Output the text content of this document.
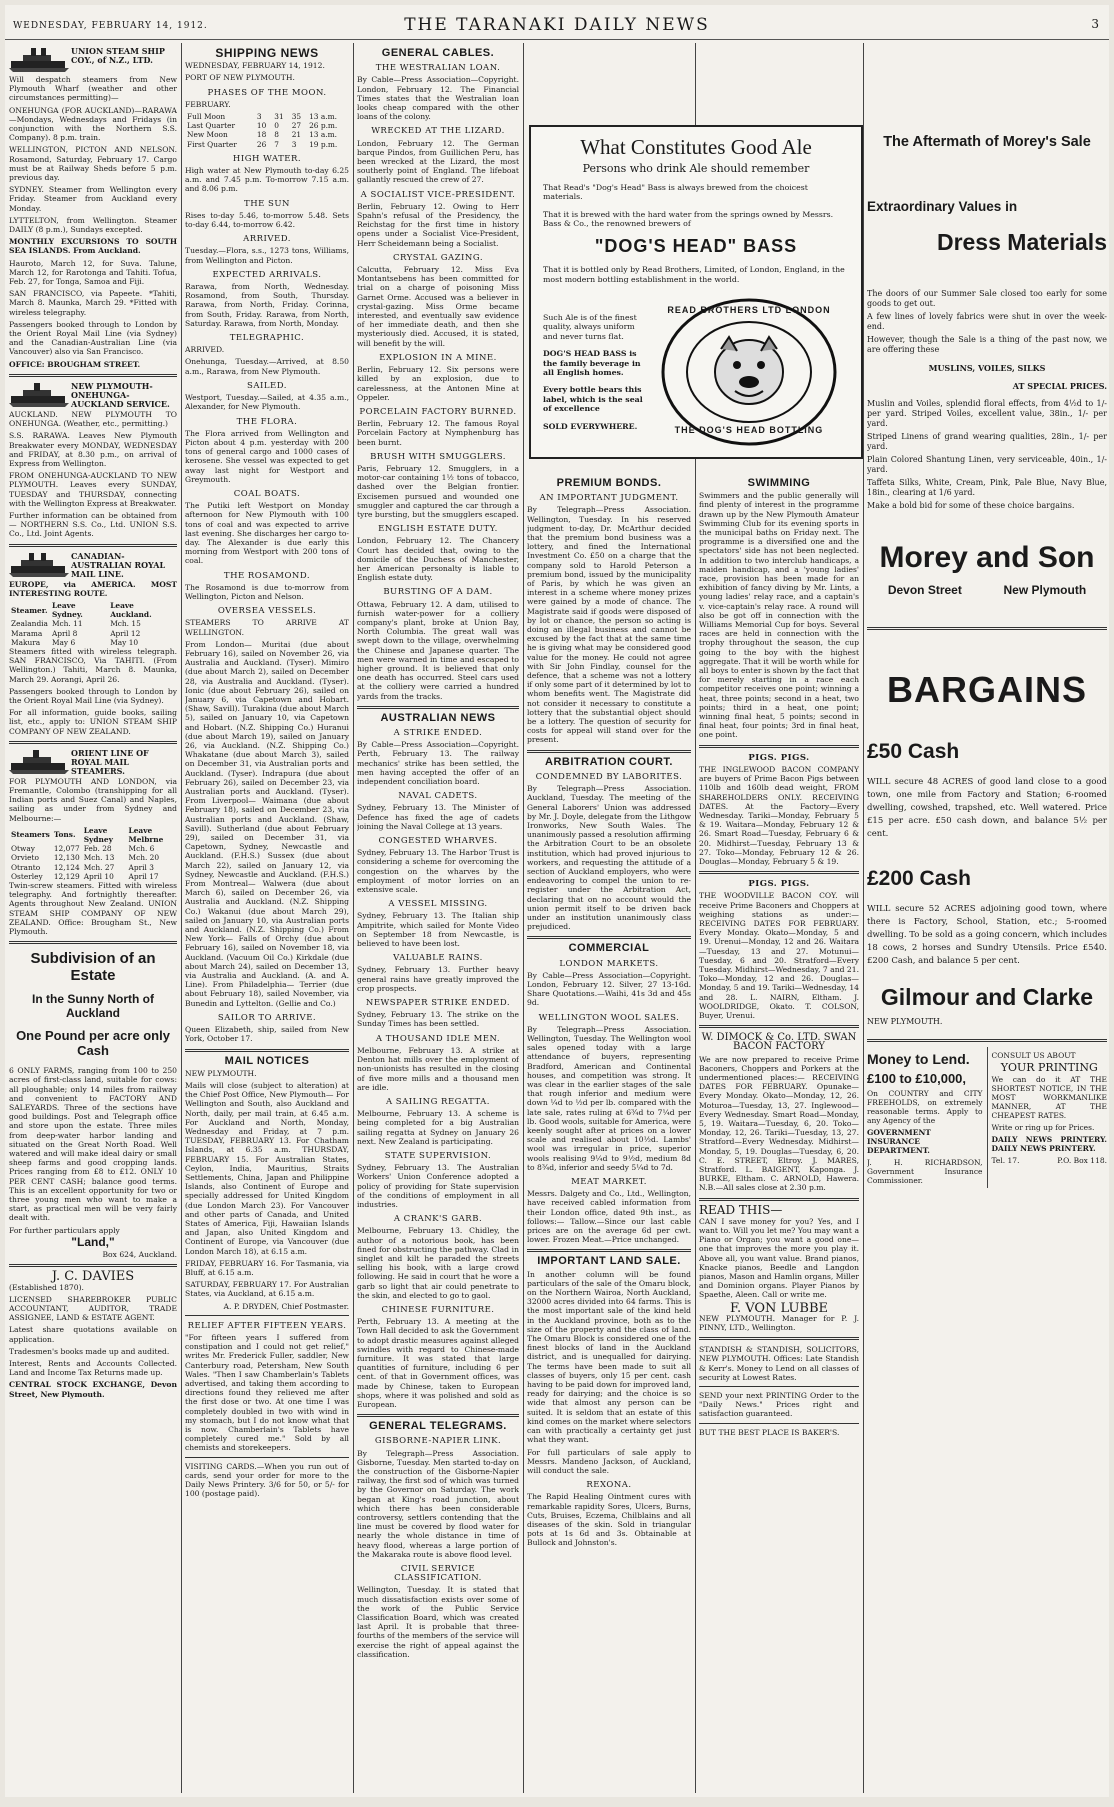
WEDNESDAY, FEBRUARY 14, 1912.	THE TARANAKI DAILY NEWS	3
UNION STEAM SHIP COY., of N.Z., LTD.

Will despatch steamers from New Plymouth Wharf (weather and other circumstances permitting)—

ONEHUNGA (FOR AUCKLAND)—RARAWA—Mondays, Wednesdays and Fridays (in conjunction with the Northern S.S. Company). 8 p.m. train.

WELLINGTON, PICTON AND NELSON. Rosamond, Saturday, February 17. Cargo must be at Railway Sheds before 5 p.m. previous day.

SYDNEY. Steamer from Wellington every Friday. Steamer from Auckland every Monday.

LYTTELTON, from Wellington. Steamer DAILY (8 p.m.), Sundays excepted.

MONTHLY EXCURSIONS TO SOUTH SEA ISLANDS. From Auckland.

Hauroto, March 12, for Suva. Talune, March 12, for Rarotonga and Tahiti. Tofua, Feb. 27, for Tonga, Samoa and Fiji.

SAN FRANCISCO, via Papeete. *Tahiti, March 8. Maunka, March 29. *Fitted with wireless telegraphy.

Passengers booked through to London by the Orient Royal Mail Line (via Sydney) and the Canadian-Australian Line (via Vancouver) also via San Francisco.

OFFICE: BROUGHAM STREET.

NEW PLYMOUTH-ONEHUNGA-AUCKLAND SERVICE.

AUCKLAND. NEW PLYMOUTH TO ONEHUNGA. (Weather, etc., permitting.)

S.S. RARAWA. Leaves New Plymouth Breakwater every MONDAY, WEDNESDAY and FRIDAY, at 8.30 p.m., on arrival of Express from Wellington.

FROM ONEHUNGA-AUCKLAND TO NEW PLYMOUTH. Leaves every SUNDAY, TUESDAY and THURSDAY, connecting with the Wellington Express at Breakwater.

Further information can be obtained from— NORTHERN S.S. Co., Ltd. UNION S.S. Co., Ltd. Joint Agents.

CANADIAN-AUSTRALIAN ROYAL MAIL LINE.

EUROPE, via AMERICA. MOST INTERESTING ROUTE.

Steamer.	Leave Sydney.	Leave Auckland.
Zealandia	Mch. 11	Mch. 15
Marama	April 8	April 12
Makura	May 6	May 10

Steamers fitted with wireless telegraph. SAN FRANCISCO, Via TAHITI. (From Wellington.) Tahiti, March 8. Maunka, March 29. Aorangi, April 26.

Passengers booked through to London by the Orient Royal Mail Line (via Sydney).

For all information, guide books, sailing list, etc., apply to: UNION STEAM SHIP COMPANY OF NEW ZEALAND.

ORIENT LINE OF ROYAL MAIL STEAMERS.

FOR PLYMOUTH AND LONDON, via Fremantle, Colombo (transhipping for all Indian ports and Suez Canal) and Naples, sailing as under from Sydney and Melbourne:—

Steamers	Tons.	Leave Sydney	Leave Melbrne
Otway	12,077	Feb. 28	Mch. 6
Orvieto	12,130	Mch. 13	Mch. 20
Otranto	12,124	Mch. 27	April 3
Osterley	12,129	April 10	April 17

Twin-screw steamers. Fitted with wireless telegraphy. And fortnightly thereafter. Agents throughout New Zealand. UNION STEAM SHIP COMPANY OF NEW ZEALAND. Office: Brougham St., New Plymouth.

Subdivision of an Estate
In the Sunny North of Auckland
One Pound per acre only Cash

6 ONLY FARMS, ranging from 100 to 250 acres of first-class land, suitable for cows: all ploughable; only 14 miles from railway and convenient to FACTORY AND SALEYARDS. Three of the sections have good buildings. Post and Telegraph office and store upon the estate. Three miles from deep-water harbor landing and situated on the Great North Road. Well watered and will make ideal dairy or small sheep farms and good cropping lands. Prices ranging from £8 to £12. ONLY 10 PER CENT CASH; balance good terms. This is an excellent opportunity for two or three young men who want to make a start, as practical men will be very fairly dealt with.

For further particulars apply

"Land,"

Box 624, Auckland.

J. C. DAVIES

(Established 1870).

LICENSED SHAREBROKER PUBLIC ACCOUNTANT, AUDITOR, TRADE ASSIGNEE, LAND & ESTATE AGENT.

Latest share quotations available on application.

Tradesmen's books made up and audited.

Interest, Rents and Accounts Collected. Land and Income Tax Returns made up.

CENTRAL STOCK EXCHANGE, Devon Street, New Plymouth.

SHIPPING NEWS

WEDNESDAY, FEBRUARY 14, 1912.

PORT OF NEW PLYMOUTH.

PHASES OF THE MOON.

FEBRUARY.

Full Moon	3	31	35	13 a.m.
Last Quarter	10	0	27	26 p.m.
New Moon	18	8	21	13 a.m.
First Quarter	26	7	3	19 p.m.
HIGH WATER.

High water at New Plymouth to-day 6.25 a.m. and 7.45 p.m. To-morrow 7.15 a.m. and 8.06 p.m.

THE SUN

Rises to-day 5.46, to-morrow 5.48. Sets to-day 6.44, to-morrow 6.42.

ARRIVED.

Tuesday.—Flora, s.s., 1273 tons, Williams, from Wellington and Picton.

EXPECTED ARRIVALS.

Rarawa, from North, Wednesday. Rosamond, from South, Thursday. Rarawa, from North, Friday. Corinna, from South, Friday. Rarawa, from North, Saturday. Rarawa, from North, Monday.

TELEGRAPHIC.

ARRIVED.

Onehunga, Tuesday.—Arrived, at 8.50 a.m., Rarawa, from New Plymouth.

SAILED.

Westport, Tuesday.—Sailed, at 4.35 a.m., Alexander, for New Plymouth.

THE FLORA.

The Flora arrived from Wellington and Picton about 4 p.m. yesterday with 200 tons of general cargo and 1000 cases of kerosene. She vessel was expected to get away last night for Westport and Greymouth.

COAL BOATS.

The Putiki left Westport on Monday afternoon for New Plymouth with 100 tons of coal and was expected to arrive last evening. She discharges her cargo to-day. The Alexander is due early this morning from Westport with 200 tons of coal.

THE ROSAMOND.

The Rosamond is due to-morrow from Wellington, Picton and Nelson.

OVERSEA VESSELS.

STEAMERS TO ARRIVE AT WELLINGTON.

From London— Muritai (due about February 16), sailed on November 26, via Australia and Auckland. (Tyser). Mimiro (due about March 2), sailed on December 28, via Australia and Auckland. (Tyser). Ionic (due about February 26), sailed on January 6, via Capetown and Hobart. (Shaw, Savill). Turakina (due about March 5), sailed on January 10, via Capetown and Hobart. (N.Z. Shipping Co.) Huranui (due about March 19), sailed on January 26, via Auckland. (N.Z. Shipping Co.) Whakatane (due about March 3), sailed on December 31, via Australian ports and Auckland. (Tyser). Indrapura (due about February 26), sailed on December 23, via Australian ports and Auckland. (Tyser). From Liverpool— Waimana (due about February 18), sailed on December 23, via Australian ports and Auckland. (Shaw, Savill). Sutherland (due about February 29), sailed on December 31, via Capetown, Sydney, Newcastle and Auckland. (F.H.S.) Sussex (due about March 22), sailed on January 12, via Sydney, Newcastle and Auckland. (F.H.S.) From Montreal— Walwera (due about March 6), sailed on December 26, via Australia and Auckland. (N.Z. Shipping Co.) Wakanui (due about March 29), sailed on January 10, via Australian ports and Auckland. (N.Z. Shipping Co.) From New York— Falls of Orchy (due about February 16), sailed on November 18, via Auckland. (Vacuum Oil Co.) Kirkdale (due about March 24), sailed on December 13, via Australia and Auckland. (A. and A. Line). From Philadelphia— Terrier (due about February 18), sailed November, via Bunedin and Lyttelton. (Gellie and Co.)

SAILOR TO ARRIVE.

Queen Elizabeth, ship, sailed from New York, October 17.

MAIL NOTICES

NEW PLYMOUTH.

Mails will close (subject to alteration) at the Chief Post Office, New Plymouth— For Wellington and South, also Auckland and North, daily, per mail train, at 6.45 a.m. For Auckland and North, Monday, Wednesday and Friday, at 7 p.m. TUESDAY, FEBRUARY 13. For Chatham Islands, at 6.35 a.m. THURSDAY, FEBRUARY 15. For Australian States, Ceylon, India, Mauritius, Straits Settlements, China, Japan and Philippine Islands, also Continent of Europe and specially addressed for United Kingdom (due London March 23). For Vancouver and other parts of Canada, and United States of America, Fiji, Hawaiian Islands and Japan, also United Kingdom and Continent of Europe, via Vancouver (due London March 18), at 6.15 a.m.

FRIDAY, FEBRUARY 16. For Tasmania, via Bluff, at 6.15 a.m.

SATURDAY, FEBRUARY 17. For Australian States, via Auckland, at 6.15 a.m.

A. P. DRYDEN, Chief Postmaster.

RELIEF AFTER FIFTEEN YEARS.

"For fifteen years I suffered from constipation and I could not get relief," writes Mr. Frederick Fuller, saddler, New Canterbury road, Petersham, New South Wales. "Then I saw Chamberlain's Tablets advertised, and taking them according to directions found they relieved me after the first dose or two. At one time I was completely doubled in two with wind in my stomach, but I do not know what that is now. Chamberlain's Tablets have completely cured me." Sold by all chemists and storekeepers.

VISITING CARDS.—When you run out of cards, send your order for more to the Daily News Printery. 3/6 for 50, or 5/- for 100 (postage paid).

GENERAL CABLES.
THE WESTRALIAN LOAN.

By Cable—Press Association—Copyright. London, February 12. The Financial Times states that the Westralian loan looks cheap compared with the other loans of the colony.

WRECKED AT THE LIZARD.

London, February 12. The German barque Pindos, from Guillichen Peru, has been wrecked at the Lizard, the most southerly point of England. The lifeboat gallantly rescued the crew of 27.

A SOCIALIST VICE-PRESIDENT.

Berlin, February 12. Owing to Herr Spahn's refusal of the Presidency, the Reichstag for the first time in history opens under a Socialist Vice-President, Herr Scheidemann being a Socialist.

CRYSTAL GAZING.

Calcutta, February 12. Miss Eva Montantsebens has been committed for trial on a charge of poisoning Miss Garnet Orme. Accused was a believer in crystal-gazing. Miss Orme became interested, and eventually saw evidence of her immediate death, and then she mysteriously died. Accused, it is stated, will benefit by the will.

EXPLOSION IN A MINE.

Berlin, February 12. Six persons were killed by an explosion, due to carelessness, at the Antonen Mine at Oppeler.

PORCELAIN FACTORY BURNED.

Berlin, February 12. The famous Royal Porcelain Factory at Nymphenburg has been burnt.

BRUSH WITH SMUGGLERS.

Paris, February 12. Smugglers, in a motor-car containing 1½ tons of tobacco, dashed over the Belgian frontier. Excisemen pursued and wounded one smuggler and captured the car through a tyre bursting, but the smugglers escaped.

ENGLISH ESTATE DUTY.

London, February 12. The Chancery Court has decided that, owing to the domicile of the Duchess of Manchester, her American personalty is liable to English estate duty.

BURSTING OF A DAM.

Ottawa, February 12. A dam, utilised to furnish water-power for a colliery company's plant, broke at Union Bay, North Columbia. The great wall was swept down to the village, overwhelming the Chinese and Japanese quarter. The men were warned in time and escaped to higher ground. It is believed that only one death has occurred. Steel cars used at the colliery were carried a hundred yards from the tracks.

AUSTRALIAN NEWS
A STRIKE ENDED.

By Cable—Press Association—Copyright. Perth, February 13. The railway mechanics' strike has been settled, the men having accepted the offer of an independent conciliation board.

NAVAL CADETS.

Sydney, February 13. The Minister of Defence has fixed the age of cadets joining the Naval College at 13 years.

CONGESTED WHARVES.

Sydney, February 13. The Harbor Trust is considering a scheme for overcoming the congestion on the wharves by the employment of motor lorries on an extensive scale.

A VESSEL MISSING.

Sydney, February 13. The Italian ship Ampitrite, which sailed for Monte Video on September 18 from Newcastle, is believed to have been lost.

VALUABLE RAINS.

Sydney, February 13. Further heavy general rains have greatly improved the crop prospects.

NEWSPAPER STRIKE ENDED.

Sydney, February 13. The strike on the Sunday Times has been settled.

A THOUSAND IDLE MEN.

Melbourne, February 13. A strike at Denton hat mills over the employment of non-unionists has resulted in the closing of five more mills and a thousand men are idle.

A SAILING REGATTA.

Melbourne, February 13. A scheme is being completed for a big Australian sailing regatta at Sydney on January 26 next. New Zealand is participating.

STATE SUPERVISION.

Sydney, February 13. The Australian Workers' Union Conference adopted a policy of providing for State supervision of the conditions of employment in all industries.

A CRANK'S GARB.

Melbourne, February 13. Chidley, the author of a notorious book, has been fined for obstructing the pathway. Clad in singlet and kilt he paraded the streets selling his book, with a large crowd following. He said in court that he wore a garb so light that air could penetrate to the skin, and elected to go to gaol.

CHINESE FURNITURE.

Perth, February 13. A meeting at the Town Hall decided to ask the Government to adopt drastic measures against alleged swindles with regard to Chinese-made furniture. It was stated that large quantities of furniture, including 6 per cent. of that in Government offices, was made by Chinese, taken to European shops, where it was polished and sold as European.

GENERAL TELEGRAMS.
GISBORNE-NAPIER LINK.

By Telegraph—Press Association. Gisborne, Tuesday. Men started to-day on the construction of the Gisborne-Napier railway, the first sod of which was turned by the Governor on Saturday. The work began at King's road junction, about which there has been considerable controversy, settlers contending that the line must be covered by flood water for nearly the whole distance in time of heavy flood, whereas a large portion of the Makaraka route is above flood level.

CIVIL SERVICE CLASSIFICATION.

Wellington, Tuesday. It is stated that much dissatisfaction exists over some of the work of the Public Service Classification Board, which was created last April. It is probable that three-fourths of the members of the service will exercise the right of appeal against the classification.

What Constitutes Good Ale
Persons who drink Ale should remember

That Read's "Dog's Head" Bass is always brewed from the choicest materials.

That it is brewed with the hard water from the springs owned by Messrs. Bass & Co., the renowned brewers of

"DOG'S HEAD" BASS

That it is bottled only by Read Brothers, Limited, of London, England, in the most modern bottling establishment in the world.

Such Ale is of the finest quality, always uniform and never turns flat.

DOG'S HEAD BASS is the family beverage in all English homes.

Every bottle bears this label, which is the seal of excellence

SOLD EVERYWHERE.

READ BROTHERS LTD LONDON
THE DOG'S HEAD BOTTLING
PREMIUM BONDS.
AN IMPORTANT JUDGMENT.

By Telegraph—Press Association. Wellington, Tuesday. In his reserved judgment to-day, Dr. McArthur decided that the premium bond business was a lottery, and fined the International Investment Co. £50 on a charge that the company sold to Harold Peterson a premium bond, issued by the municipality of Paris, by which he was given an interest in a scheme where money prizes were gained by a mode of chance. The Magistrate said if goods were disposed of by lot or chance, the person so acting is doing an illegal business and cannot be excused by the fact that at the same time he is giving what may be considered good value for the money. He could not agree with Sir John Findlay, counsel for the defence, that a scheme was not a lottery if only some part of it determined by lot to whom benefits went. The Magistrate did not consider it necessary to constitute a lottery that the substantial object should be a lottery. The question of security for costs for appeal will stand over for the present.

ARBITRATION COURT.
CONDEMNED BY LABORITES.

By Telegraph—Press Association. Auckland, Tuesday. The meeting of the General Laborers' Union was addressed by Mr. J. Doyle, delegate from the Lithgow Ironworks, New South Wales. The unanimously passed a resolution affirming the Arbitration Court to be an obsolete institution, which had proved injurious to workers, and requesting the attitude of a section of Auckland employers, who were endeavoring to compel the union to re-register under the Arbitration Act, declaring that on no account would the union permit itself to be driven back under an institution unanimously class prejudiced.

COMMERCIAL
LONDON MARKETS.

By Cable—Press Association—Copyright. London, February 12. Silver, 27 13-16d. Share Quotations.—Waihi, 41s 3d and 45s 9d.

WELLINGTON WOOL SALES.

By Telegraph—Press Association. Wellington, Tuesday. The Wellington wool sales opened today with a large attendance of buyers, representing Bradford, American and Continental houses, and competition was strong. It was clear in the earlier stages of the sale that rough inferior and medium were down ¼d to ½d per lb. compared with the late sale, rates ruling at 6¾d to 7¼d per lb. Good wools, suitable for America, were keenly sought after at prices on a lower scale and realised about 10½d. Lambs' wool was irregular in price, superior wools realising 9¼d to 9½d, medium 8d to 8¾d, inferior and seedy 5¼d to 7d.

MEAT MARKET.

Messrs. Dalgety and Co., Ltd., Wellington, have received cabled information from their London office, dated 9th inst., as follows:— Tallow.—Since our last cable prices are on the average 6d per cwt. lower. Frozen Meat.—Price unchanged.

IMPORTANT LAND SALE.

In another column will be found particulars of the sale of the Omaru block, on the Northern Wairoa, North Auckland, 32000 acres divided into 64 farms. This is the most important sale of the kind held in the Auckland province, both as to the size of the property and the class of land. The Omaru Block is considered one of the finest blocks of land in the Auckland district, and is unequalled for dairying. The terms have been made to suit all classes of buyers, only 15 per cent. cash having to be paid down for improved land, ready for dairying; and the choice is so wide that almost any person can be suited. It is seldom that an estate of this kind comes on the market where selectors can with practically a certainty get just what they want.

For full particulars of sale apply to Messrs. Mandeno Jackson, of Auckland, will conduct the sale.

REXONA.

The Rapid Healing Ointment cures with remarkable rapidity Sores, Ulcers, Burns, Cuts, Bruises, Eczema, Chilblains and all diseases of the skin. Sold in triangular pots at 1s 6d and 3s. Obtainable at Bullock and Johnston's.

SWIMMING

Swimmers and the public generally will find plenty of interest in the programme drawn up by the New Plymouth Amateur Swimming Club for its evening sports in the municipal baths on Friday next. The programme is a diversified one and the spectators' side has not been neglected. In addition to two interclub handicaps, a maiden handicap, and a 'young ladies' race, provision has been made for an exhibition of fancy diving by Mr. Lints, a young ladies' relay race, and a captain's v. vice-captain's relay race. A round will also be got off in connection with the Williams Memorial Cup for boys. Several races are held in connection with the trophy throughout the season, the cup going to the boy with the highest aggregate. That it will be worth while for all boys to enter is shown by the fact that for merely starting in a race each competitor receives one point; winning a heat, three points; second in a heat, two points; third in a heat, one point; winning final heat, 5 points; second in final heat, four points; 3rd in final heat, one point.

PIGS. PIGS.

THE INGLEWOOD BACON COMPANY are buyers of Prime Bacon Pigs between 110lb and 160lb dead weight, FROM SHAREHOLDERS ONLY. RECEIVING DATES. At the Factory—Every Wednesday. Tariki—Monday, February 5 & 19. Waitara—Monday, February 12 & 26. Smart Road—Tuesday, February 6 & 20. Midhirst—Tuesday, February 13 & 27. Toko—Monday, February 12 & 26. Douglas—Monday, February 5 & 19.

PIGS. PIGS.

THE WOODVILLE BACON COY. will receive Prime Baconers and Choppers at weighing stations as under:— RECEIVING DATES FOR FEBRUARY. Every Monday. Okato—Monday, 5 and 19. Urenui—Monday, 12 and 26. Waitara—Tuesday, 13 and 27. Motunui—Tuesday, 6 and 20. Stratford—Every Tuesday. Midhirst—Wednesday, 7 and 21. Toko—Monday, 12 and 26. Douglas—Monday, 5 and 19. Tariki—Wednesday, 14 and 28. L. NAIRN, Eltham. J. WOOLDRIDGE, Okato. T. COLSON, Buyer, Urenui.

W. DIMOCK & Co. LTD. SWAN BACON FACTORY

We are now prepared to receive Prime Baconers, Choppers and Porkers at the undermentioned places:— RECEIVING DATES FOR FEBRUARY. Opunake—Every Monday. Okato—Monday, 12, 26. Moturoa—Tuesday, 13, 27. Inglewood—Every Wednesday. Smart Road—Monday, 5, 19. Waitara—Tuesday, 6, 20. Toko—Monday, 12, 26. Tariki—Tuesday, 13, 27. Stratford—Every Wednesday. Midhirst—Monday, 5, 19. Douglas—Tuesday, 6, 20. C. E. STREET, Eltroy. J. MARES, Stratford. L. BAIGENT, Kaponga. J. BURKE, Eltham. C. ARNOLD, Hawera. N.B.—All sales close at 2.30 p.m.

READ THIS—

CAN I save money for you? Yes, and I want to. Will you let me? You may want a Piano or Organ; you want a good one—one that improves the more you play it. Above all, you want value. Brand pianos, Knacke pianos, Beedle and Langdon pianos, Mason and Hamlin organs, Miller and Dominion organs. Player Pianos by Spaethe, Aleen. Call or write me.

F. VON LUBBE

NEW PLYMOUTH. Manager for P. J. PINNY, LTD., Wellington.

STANDISH & STANDISH, SOLICITORS, NEW PLYMOUTH. Offices: Late Standish & Kerr's. Money to Lend on all classes of security at Lowest Rates.

SEND your next PRINTING Order to the "Daily News." Prices right and satisfaction guaranteed.

BUT THE BEST PLACE IS BAKER'S.

The Aftermath of Morey's Sale
Extraordinary Values in
Dress Materials

The doors of our Summer Sale closed too early for some goods to get out.

A few lines of lovely fabrics were shut in over the week-end.

However, though the Sale is a thing of the past now, we are offering these

MUSLINS, VOILES, SILKS
AT SPECIAL PRICES.

Muslin and Voiles, splendid floral effects, from 4½d to 1/- per yard. Striped Voiles, excellent value, 38in., 1/- per yard.

Striped Linens of grand wearing qualities, 28in., 1/- per yard.

Plain Colored Shantung Linen, very serviceable, 40in., 1/- yard.

Taffeta Silks, White, Cream, Pink, Pale Blue, Navy Blue, 18in., clearing at 1/6 yard.

Make a bold bid for some of these choice bargains.

Morey and Son
Devon Street	New Plymouth
BARGAINS
£50 Cash

WILL secure 48 ACRES of good land close to a good town, one mile from Factory and Station; 6-roomed dwelling, cowshed, trapshed, etc. Well watered. Price £15 per acre. £50 cash down, and balance 5½ per cent.

£200 Cash

WILL secure 52 ACRES adjoining good town, where there is Factory, School, Station, etc.; 5-roomed dwelling. To be sold as a going concern, which includes 18 cows, 2 horses and Sundry Utensils. Price £540. £200 Cash, and balance 5 per cent.

Gilmour and Clarke

NEW PLYMOUTH.

Money to Lend.
£100 to £10,000,

On COUNTRY and CITY FREEHOLDS, on extremely reasonable terms. Apply to any Agency of the

GOVERNMENT INSURANCE DEPARTMENT.

J. H. RICHARDSON, Government Insurance Commissioner.

CONSULT US ABOUT

YOUR PRINTING

We can do it AT THE SHORTEST NOTICE, IN THE MOST WORKMANLIKE MANNER, AT THE CHEAPEST RATES.

Write or ring up for Prices.

DAILY NEWS PRINTERY. DAILY NEWS PRINTERY.

Tel. 17.	P.O. Box 118.
